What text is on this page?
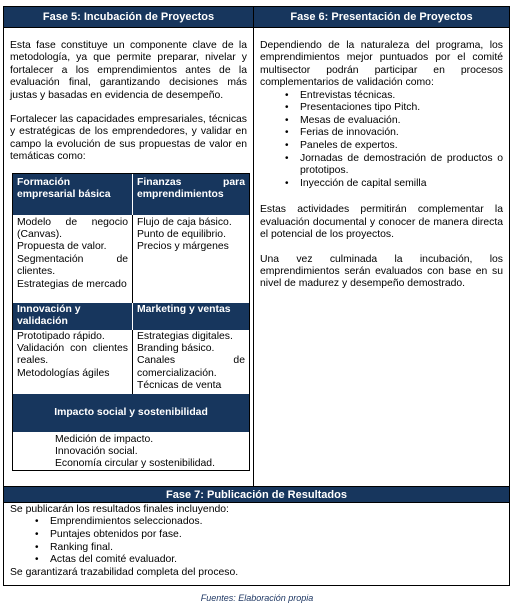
Fase 5: Incubación de Proyectos	Fase 6: Presentación de Proyectos

Esta fase constituye un componente clave de la metodología, ya que permite preparar, nivelar y fortalecer a los emprendimientos antes de la evaluación final, garantizando decisiones más justas y basadas en evidencia de desempeño.

Fortalecer las capacidades empresariales, técnicas y estratégicas de los emprendedores, y validar en campo la evolución de sus propuestas de valor en temáticas como:

Formación empresarial básica
Finanzas para emprendimientos
Modelo de negocio (Canvas).
Propuesta de valor.
Segmentación de clientes.
Estrategias de mercado
Flujo de caja básico.
Punto de equilibrio.
Precios y márgenes
Innovación y validación
Marketing y ventas
Prototipado rápido.
Validación con clientes reales.
Metodologías ágiles
Estrategias digitales.
Branding básico.
Canales de comercialización.
Técnicas de venta
Impacto social y sostenibilidad
Medición de impacto.
Innovación social.
Economía circular y sostenibilidad.

Dependiendo de la naturaleza del programa, los emprendimientos mejor puntuados por el comité multisector podrán participar en procesos complementarios de validación como:

• Entrevistas técnicas.
• Presentaciones tipo Pitch.
• Mesas de evaluación.
• Ferias de innovación.
• Paneles de expertos.
• Jornadas de demostración de productos o prototipos.
• Inyección de capital semilla

Estas actividades permitirán complementar la evaluación documental y conocer de manera directa el potencial de los proyectos.

Una vez culminada la incubación, los emprendimientos serán evaluados con base en su nivel de madurez y desempeño demostrado.

Fase 7: Publicación de Resultados

Se publicarán los resultados finales incluyendo:

• Emprendimientos seleccionados.
• Puntajes obtenidos por fase.
• Ranking final.
• Actas del comité evaluador.

Se garantizará trazabilidad completa del proceso.

Fuentes: Elaboración propia
